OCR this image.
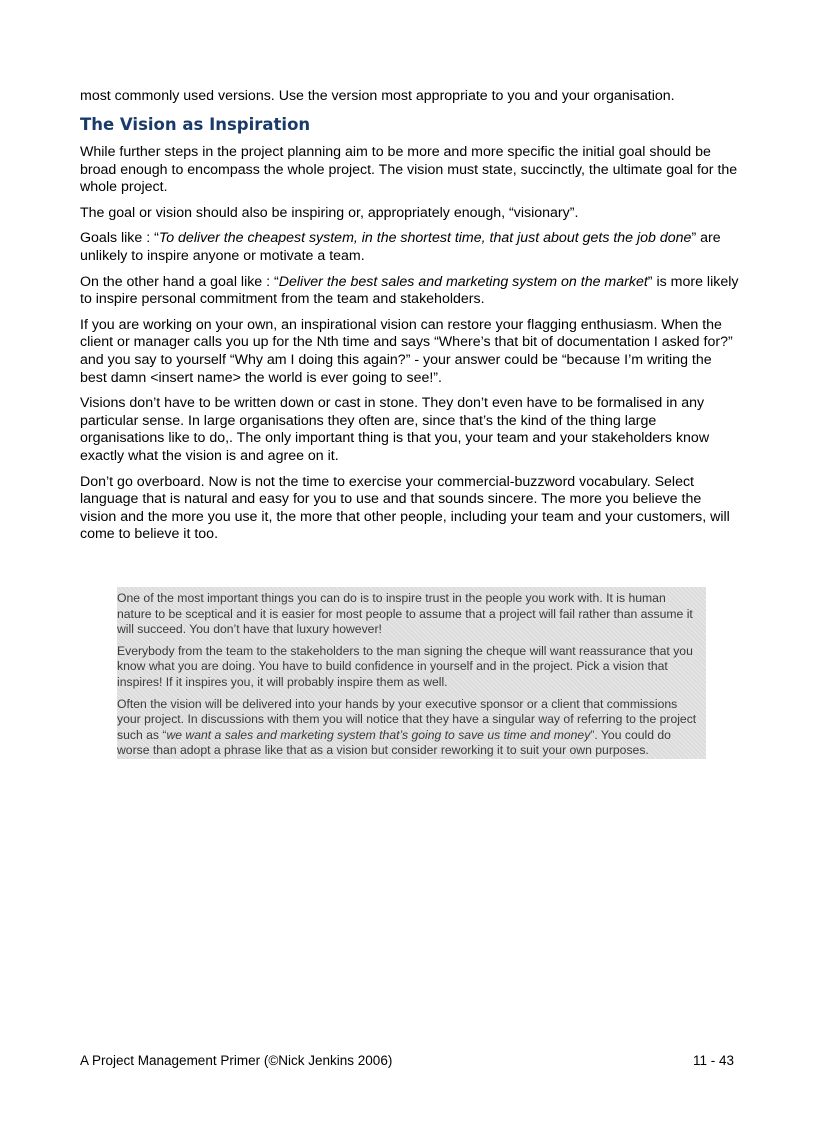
most commonly used versions. Use the version most appropriate to you and your organisation.

The Vision as Inspiration

While further steps in the project planning aim to be more and more specific the initial goal should be broad enough to encompass the whole project. The vision must state, succinctly, the ultimate goal for the whole project.

The goal or vision should also be inspiring or, appropriately enough, “visionary”.

Goals like : “To deliver the cheapest system, in the shortest time, that just about gets the job done” are unlikely to inspire anyone or motivate a team.

On the other hand a goal like : “Deliver the best sales and marketing system on the market” is more likely to inspire personal commitment from the team and stakeholders.

If you are working on your own, an inspirational vision can restore your flagging enthusiasm. When the client or manager calls you up for the Nth time and says “Where’s that bit of documentation I asked for?” and you say to yourself “Why am I doing this again?” - your answer could be “because I’m writing the best damn <insert name> the world is ever going to see!”.

Visions don’t have to be written down or cast in stone. They don’t even have to be formalised in any particular sense. In large organisations they often are, since that’s the kind of the thing large organisations like to do,. The only important thing is that you, your team and your stakeholders know exactly what the vision is and agree on it.

Don’t go overboard. Now is not the time to exercise your commercial-buzzword vocabulary. Select language that is natural and easy for you to use and that sounds sincere. The more you believe the vision and the more you use it, the more that other people, including your team and your customers, will come to believe it too.

One of the most important things you can do is to inspire trust in the people you work with. It is human nature to be sceptical and it is easier for most people to assume that a project will fail rather than assume it will succeed. You don’t have that luxury however!

Everybody from the team to the stakeholders to the man signing the cheque will want reassurance that you know what you are doing. You have to build confidence in yourself and in the project. Pick a vision that inspires! If it inspires you, it will probably inspire them as well.

Often the vision will be delivered into your hands by your executive sponsor or a client that commissions your project. In discussions with them you will notice that they have a singular way of referring to the project such as “we want a sales and marketing system that’s going to save us time and money”. You could do worse than adopt a phrase like that as a vision but consider reworking it to suit your own purposes.

A Project Management Primer (©Nick Jenkins 2006)	11 - 43
